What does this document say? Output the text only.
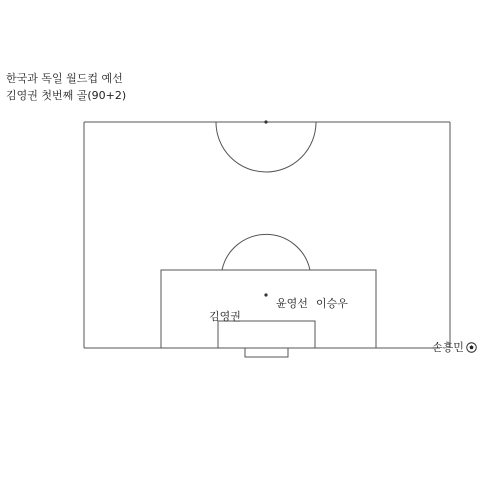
한국과 독일 월드컵 예선
김영권 첫번째 골(90+2)
김영권
윤영선 이승우
손흥민
